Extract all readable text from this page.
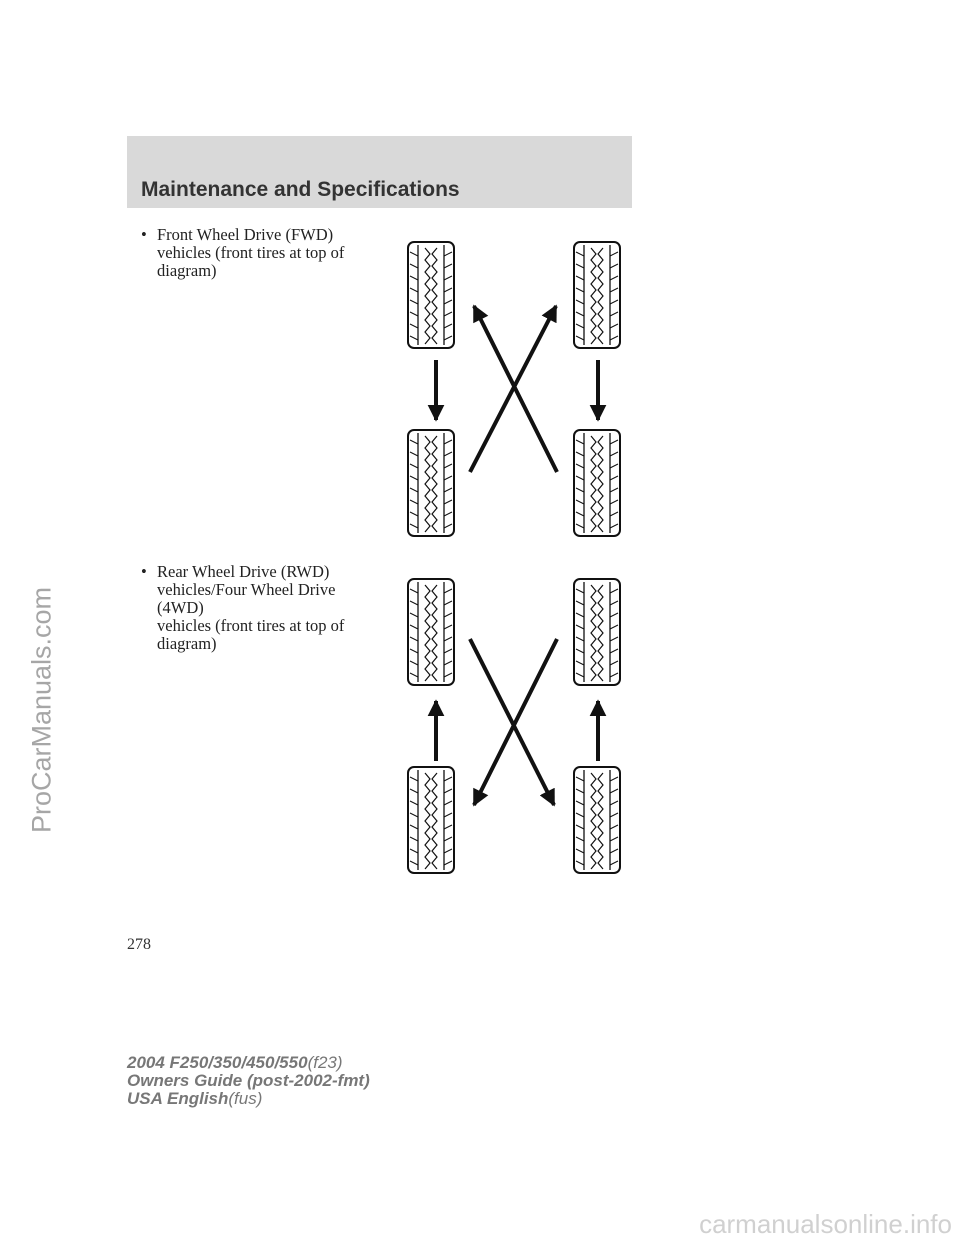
Maintenance and Specifications
• Front Wheel Drive (FWD)
vehicles (front tires at top of
diagram)
• Rear Wheel Drive (RWD)
vehicles/Four Wheel Drive (4WD)
vehicles (front tires at top of
diagram)
278
2004 F250/350/450/550(f23)
Owners Guide (post-2002-fmt)
USA English(fus)
ProCarManuals.com
carmanualsonline.info
